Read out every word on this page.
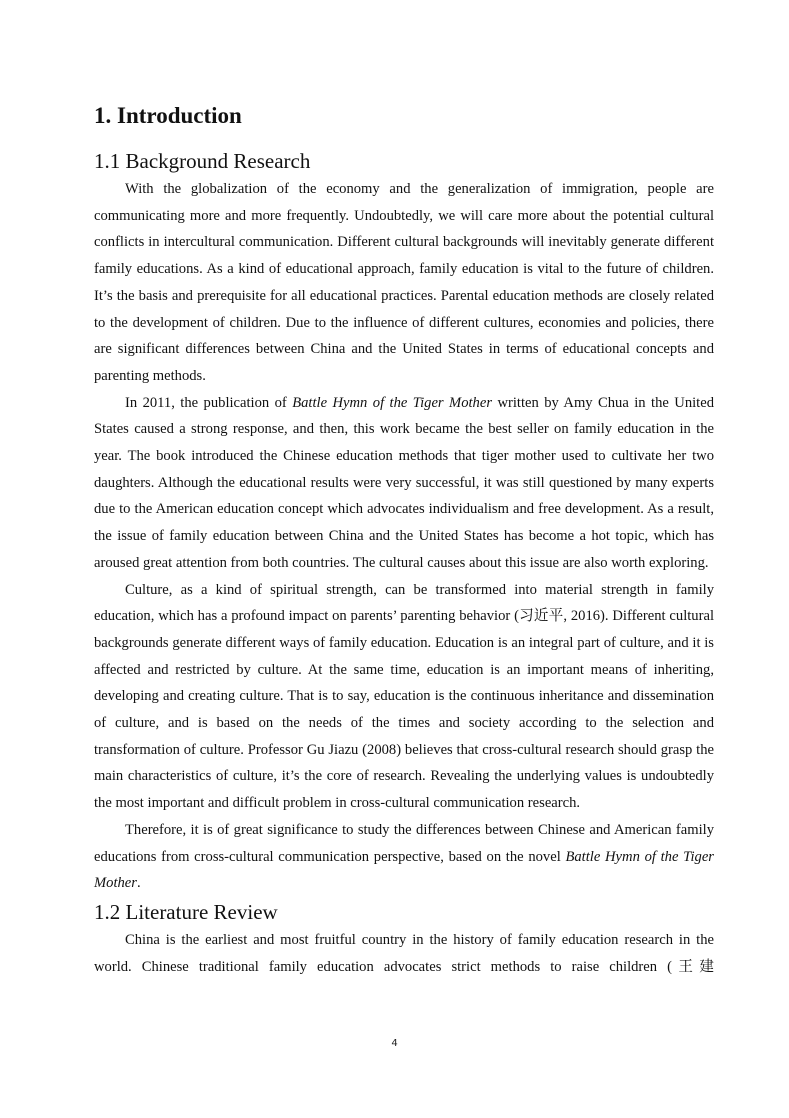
1. Introduction
1.1 Background Research

With the globalization of the economy and the generalization of immigration, people are communicating more and more frequently. Undoubtedly, we will care more about the potential cultural conflicts in intercultural communication. Different cultural backgrounds will inevitably generate different family educations. As a kind of educational approach, family education is vital to the future of children. It’s the basis and prerequisite for all educational practices. Parental education methods are closely related to the development of children. Due to the influence of different cultures, economies and policies, there are significant differences between China and the United States in terms of educational concepts and parenting methods.

In 2011, the publication of Battle Hymn of the Tiger Mother written by Amy Chua in the United States caused a strong response, and then, this work became the best seller on family education in the year. The book introduced the Chinese education methods that tiger mother used to cultivate her two daughters. Although the educational results were very successful, it was still questioned by many experts due to the American education concept which advocates individualism and free development. As a result, the issue of family education between China and the United States has become a hot topic, which has aroused great attention from both countries. The cultural causes about this issue are also worth exploring.

Culture, as a kind of spiritual strength, can be transformed into material strength in family education, which has a profound impact on parents’ parenting behavior (习近平, 2016). Different cultural backgrounds generate different ways of family education. Education is an integral part of culture, and it is affected and restricted by culture. At the same time, education is an important means of inheriting, developing and creating culture. That is to say, education is the continuous inheritance and dissemination of culture, and is based on the needs of the times and society according to the selection and transformation of culture. Professor Gu Jiazu (2008) believes that cross-cultural research should grasp the main characteristics of culture, it’s the core of research. Revealing the underlying values is undoubtedly the most important and difficult problem in cross-cultural communication research.

Therefore, it is of great significance to study the differences between Chinese and American family educations from cross-cultural communication perspective, based on the novel Battle Hymn of the Tiger Mother.

1.2 Literature Review

China is the earliest and most fruitful country in the history of family education research in the world. Chinese traditional family education advocates strict methods to raise children (王建

4
